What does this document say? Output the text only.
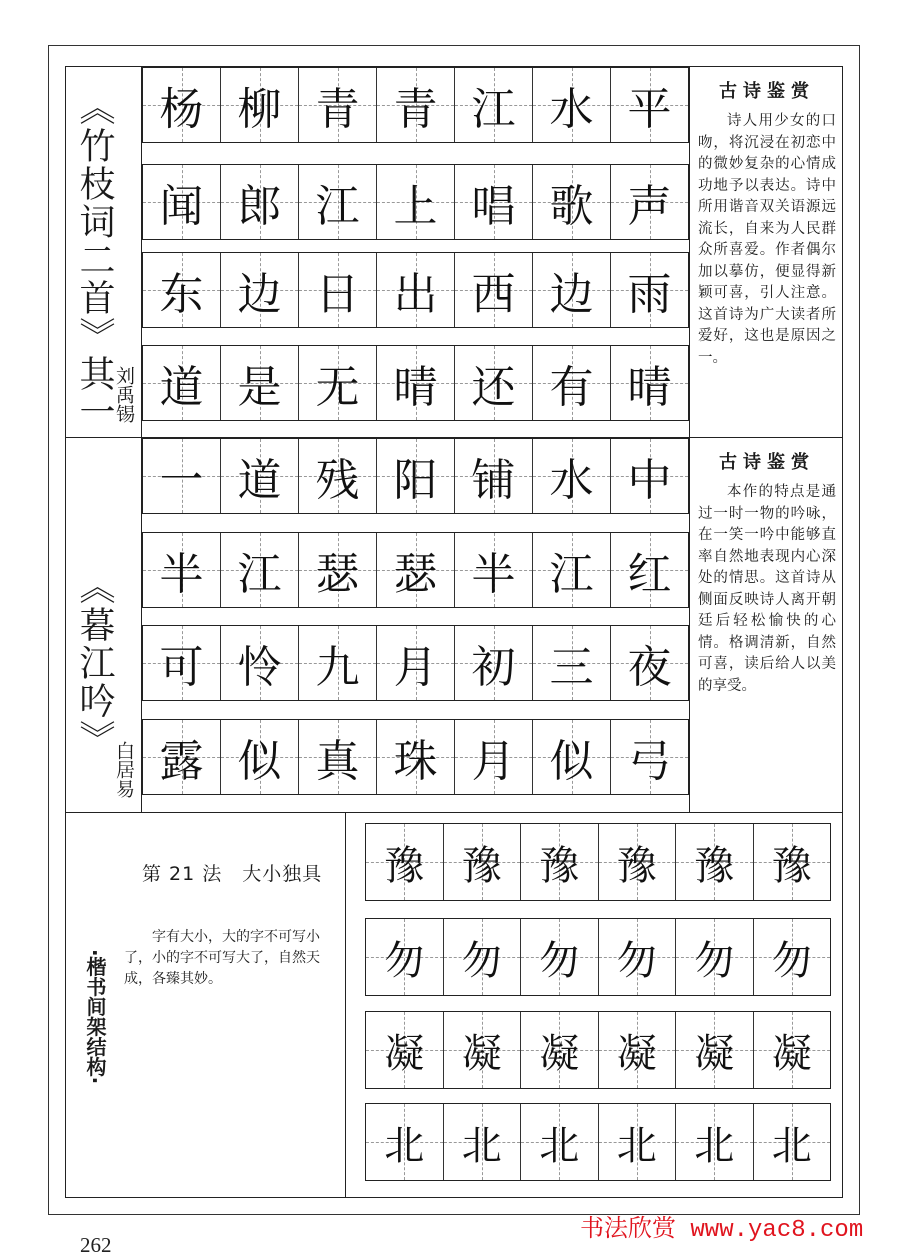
《竹枝词二首》其一
刘禹锡
杨 柳 青 青 江 水 平
闻 郎 江 上 唱 歌 声
东 边 日 出 西 边 雨
道 是 无 晴 还 有 晴
古诗鉴赏
诗人用少女的口吻，将沉浸在初恋中的微妙复杂的心情成功地予以表达。诗中所用谐音双关语源远流长，自来为人民群众所喜爱。作者偶尔加以摹仿，便显得新颖可喜，引人注意。这首诗为广大读者所爱好，这也是原因之一。
《暮江吟》
白居易
一 道 残 阳 铺 水 中
半 江 瑟 瑟 半 江 红
可 怜 九 月 初 三 夜
露 似 真 珠 月 似 弓
古诗鉴赏
本作的特点是通过一时一物的吟咏，在一笑一吟中能够直率自然地表现内心深处的情思。这首诗从侧面反映诗人离开朝廷后轻松愉快的心情。格调清新，自然可喜，读后给人以美的享受。
第 21 法　大小独具
字有大小，大的字不可写小了，小的字不可写大了，自然天成，各臻其妙。
·楷书间架结构·
豫 豫 豫 豫 豫 豫
勿 勿 勿 勿 勿 勿
凝 凝 凝 凝 凝 凝
北 北 北 北 北 北
书法欣赏 www.yac8.com
262
